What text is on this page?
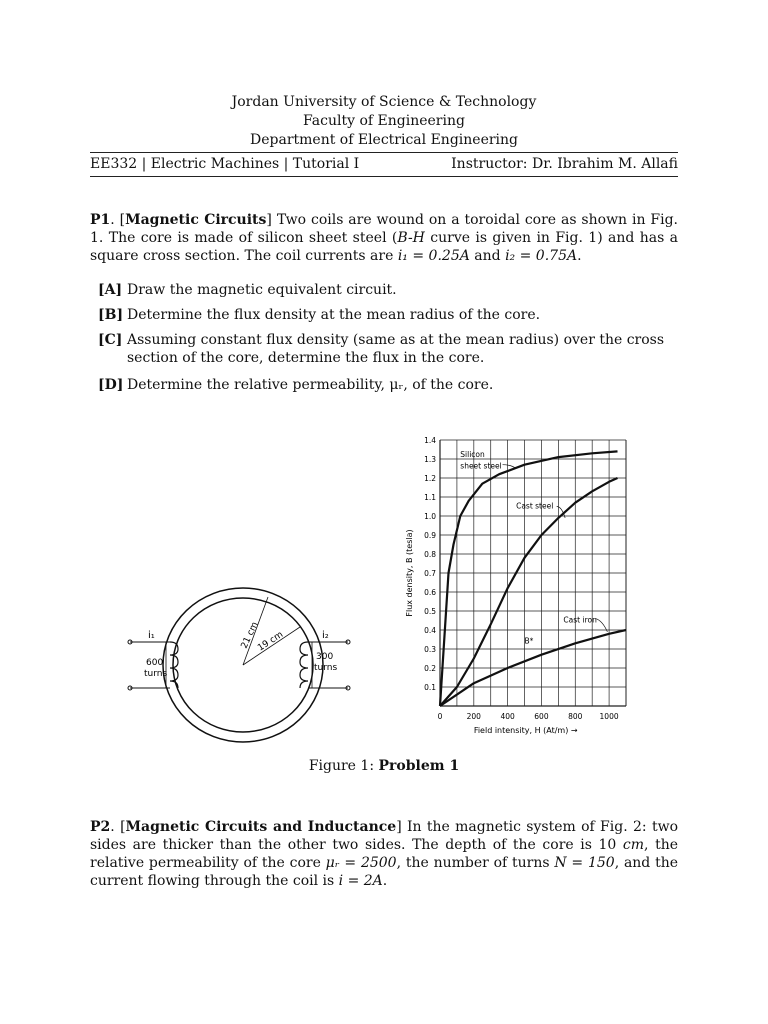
Jordan University of Science & Technology
Faculty of Engineering
Department of Electrical Engineering
EE332 | Electric Machines | Tutorial I	Instructor: Dr. Ibrahim M. Allafi
P1. [Magnetic Circuits] Two coils are wound on a toroidal core as shown in Fig. 1. The core is made of silicon sheet steel (B-H curve is given in Fig. 1) and has a square cross section. The coil currents are i₁ = 0.25A and i₂ = 0.75A.
[A] Draw the magnetic equivalent circuit.
[B] Determine the flux density at the mean radius of the core.
[C] Assuming constant flux density (same as at the mean radius) over the cross section of the core, determine the flux in the core.
[D] Determine the relative permeability, μᵣ, of the core.
21 cm
19 cm
i₁
600
turns
i₂
300
turns
0.1
0.2
0.3
0.4
0.5
0.6
0.7
0.8
0.9
1.0
1.1
1.2
1.3
1.4
0	200	400	600	800 1000
Silicon
sheet steel
Cast steel
Cast iron
B*
Field intensity, H (At/m) →
Flux density, B (tesla)
Figure 1: Problem 1
P2. [Magnetic Circuits and Inductance] In the magnetic system of Fig. 2: two sides are thicker than the other two sides. The depth of the core is 10 cm, the relative permeability of the core μᵣ = 2500, the number of turns N = 150, and the current flowing through the coil is i = 2A.
